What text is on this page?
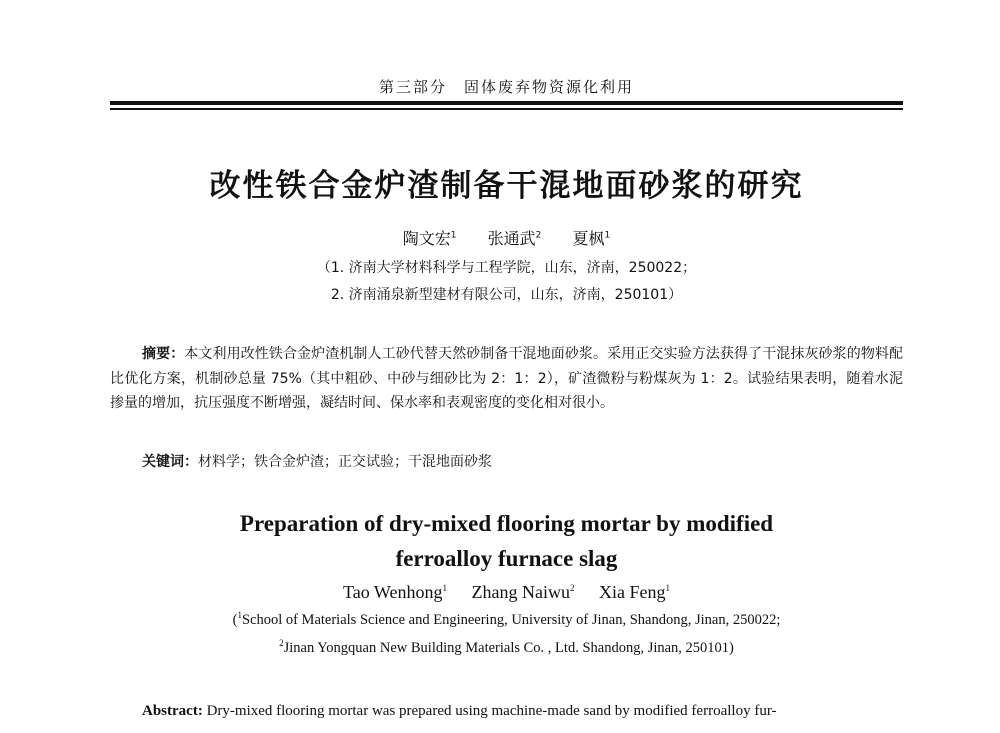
第三部分　固体废弃物资源化利用
改性铁合金炉渣制备干混地面砂浆的研究
陶文宏$^1$ 张通武$^2$ 夏枫$^1$
（1. 济南大学材料科学与工程学院，山东，济南，250022；
2. 济南涌泉新型建材有限公司，山东，济南，250101）
摘要：本文利用改性铁合金炉渣机制人工砂代替天然砂制备干混地面砂浆。采用正交实验方法获得了干混抹灰砂浆的物料配比优化方案，机制砂总量 75%（其中粗砂、中砂与细砂比为 2：1：2），矿渣微粉与粉煤灰为 1：2。试验结果表明，随着水泥掺量的增加，抗压强度不断增强，凝结时间、保水率和表观密度的变化相对很小。
关键词：材料学；铁合金炉渣；正交试验；干混地面砂浆
Preparation of dry-mixed flooring mortar by modified
ferroalloy furnace slag
Tao Wenhong$^1$ Zhang Naiwu$^2$ Xia Feng$^1$
($^1$School of Materials Science and Engineering, University of Jinan, Shandong, Jinan, 250022;
$^2$Jinan Yongquan New Building Materials Co. , Ltd. Shandong, Jinan, 250101)
Abstract: Dry-mixed flooring mortar was prepared using machine-made sand by modified ferroalloy fur-
